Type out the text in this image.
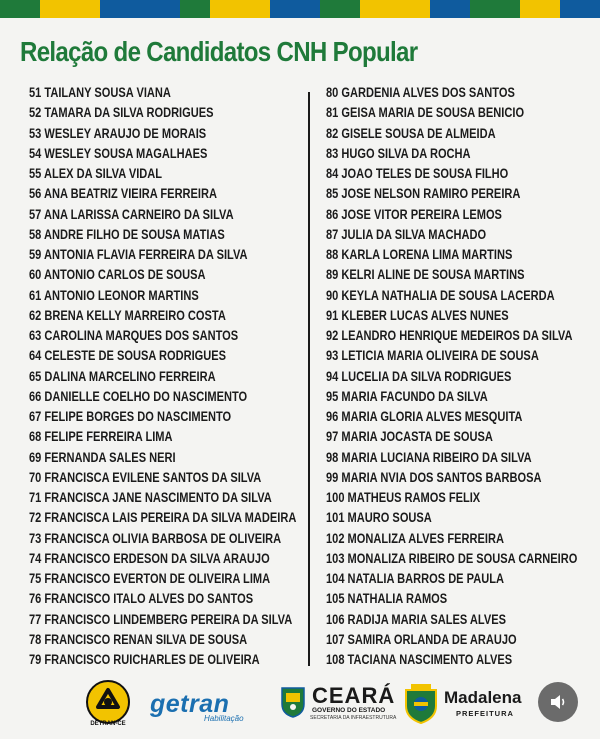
Relação de Candidatos CNH Popular
51 TAILANY SOUSA VIANA
52 TAMARA DA SILVA RODRIGUES
53 WESLEY ARAUJO DE MORAIS
54 WESLEY SOUSA MAGALHAES
55 ALEX DA SILVA VIDAL
56 ANA BEATRIZ VIEIRA FERREIRA
57 ANA LARISSA CARNEIRO DA SILVA
58 ANDRE FILHO DE SOUSA MATIAS
59 ANTONIA FLAVIA FERREIRA DA SILVA
60 ANTONIO CARLOS DE SOUSA
61 ANTONIO LEONOR MARTINS
62 BRENA KELLY MARREIRO COSTA
63 CAROLINA MARQUES DOS SANTOS
64 CELESTE DE SOUSA RODRIGUES
65 DALINA MARCELINO FERREIRA
66 DANIELLE COELHO DO NASCIMENTO
67 FELIPE BORGES DO NASCIMENTO
68 FELIPE FERREIRA LIMA
69 FERNANDA SALES NERI
70 FRANCISCA EVILENE SANTOS DA SILVA
71 FRANCISCA JANE NASCIMENTO DA SILVA
72 FRANCISCA LAIS PEREIRA DA SILVA MADEIRA
73 FRANCISCA OLIVIA BARBOSA DE OLIVEIRA
74 FRANCISCO ERDESON DA SILVA ARAUJO
75 FRANCISCO EVERTON DE OLIVEIRA LIMA
76 FRANCISCO ITALO ALVES DO SANTOS
77 FRANCISCO LINDEMBERG PEREIRA DA SILVA
78 FRANCISCO RENAN SILVA DE SOUSA
79 FRANCISCO RUICHARLES DE OLIVEIRA
80 GARDENIA ALVES DOS SANTOS
81 GEISA MARIA DE SOUSA BENICIO
82 GISELE SOUSA DE ALMEIDA
83 HUGO SILVA DA ROCHA
84 JOAO TELES DE SOUSA FILHO
85 JOSE NELSON RAMIRO PEREIRA
86 JOSE VITOR PEREIRA LEMOS
87 JULIA DA SILVA MACHADO
88 KARLA LORENA LIMA MARTINS
89 KELRI ALINE DE SOUSA MARTINS
90 KEYLA NATHALIA DE SOUSA LACERDA
91 KLEBER LUCAS ALVES NUNES
92 LEANDRO HENRIQUE MEDEIROS DA SILVA
93 LETICIA MARIA OLIVEIRA DE SOUSA
94 LUCELIA DA SILVA RODRIGUES
95 MARIA FACUNDO DA SILVA
96 MARIA GLORIA ALVES MESQUITA
97 MARIA JOCASTA DE SOUSA
98 MARIA LUCIANA RIBEIRO DA SILVA
99 MARIA NVIA DOS SANTOS BARBOSA
100 MATHEUS RAMOS FELIX
101 MAURO SOUSA
102 MONALIZA ALVES FERREIRA
103 MONALIZA RIBEIRO DE SOUSA CARNEIRO
104 NATALIA BARROS DE PAULA
105 NATHALIA RAMOS
106 RADIJA MARIA SALES ALVES
107 SAMIRA ORLANDA DE ARAUJO
108 TACIANA NASCIMENTO ALVES
DETRAN-CE
getran
Habilitação
CEARÁ
GOVERNO DO ESTADO
SECRETARIA DA INFRAESTRUTURA
Madalena
PREFEITURA
